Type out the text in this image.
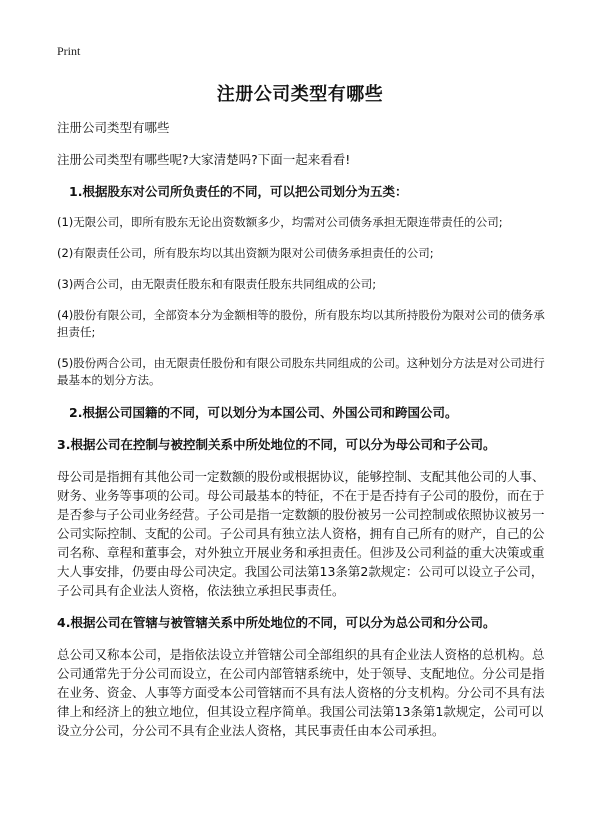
Print
注册公司类型有哪些

注册公司类型有哪些

注册公司类型有哪些呢?大家清楚吗?下面一起来看看!

1.根据股东对公司所负责任的不同，可以把公司划分为五类：

(1)无限公司，即所有股东无论出资数额多少，均需对公司债务承担无限连带责任的公司;

(2)有限责任公司，所有股东均以其出资额为限对公司债务承担责任的公司;

(3)两合公司，由无限责任股东和有限责任股东共同组成的公司;

(4)股份有限公司，全部资本分为金额相等的股份，所有股东均以其所持股份为限对公司的债务承担责任;

(5)股份两合公司，由无限责任股份和有限公司股东共同组成的公司。这种划分方法是对公司进行最基本的划分方法。

2.根据公司国籍的不同，可以划分为本国公司、外国公司和跨国公司。

3.根据公司在控制与被控制关系中所处地位的不同，可以分为母公司和子公司。

母公司是指拥有其他公司一定数额的股份或根据协议，能够控制、支配其他公司的人事、财务、业务等事项的公司。母公司最基本的特征，不在于是否持有子公司的股份，而在于是否参与子公司业务经营。子公司是指一定数额的股份被另一公司控制或依照协议被另一公司实际控制、支配的公司。子公司具有独立法人资格，拥有自己所有的财产，自己的公司名称、章程和董事会，对外独立开展业务和承担责任。但涉及公司利益的重大决策或重大人事安排，仍要由母公司决定。我国公司法第13条第2款规定：公司可以设立子公司，子公司具有企业法人资格，依法独立承担民事责任。

4.根据公司在管辖与被管辖关系中所处地位的不同，可以分为总公司和分公司。

总公司又称本公司，是指依法设立并管辖公司全部组织的具有企业法人资格的总机构。总公司通常先于分公司而设立，在公司内部管辖系统中，处于领导、支配地位。分公司是指在业务、资金、人事等方面受本公司管辖而不具有法人资格的分支机构。分公司不具有法律上和经济上的独立地位，但其设立程序简单。我国公司法第13条第1款规定，公司可以设立分公司，分公司不具有企业法人资格，其民事责任由本公司承担。
